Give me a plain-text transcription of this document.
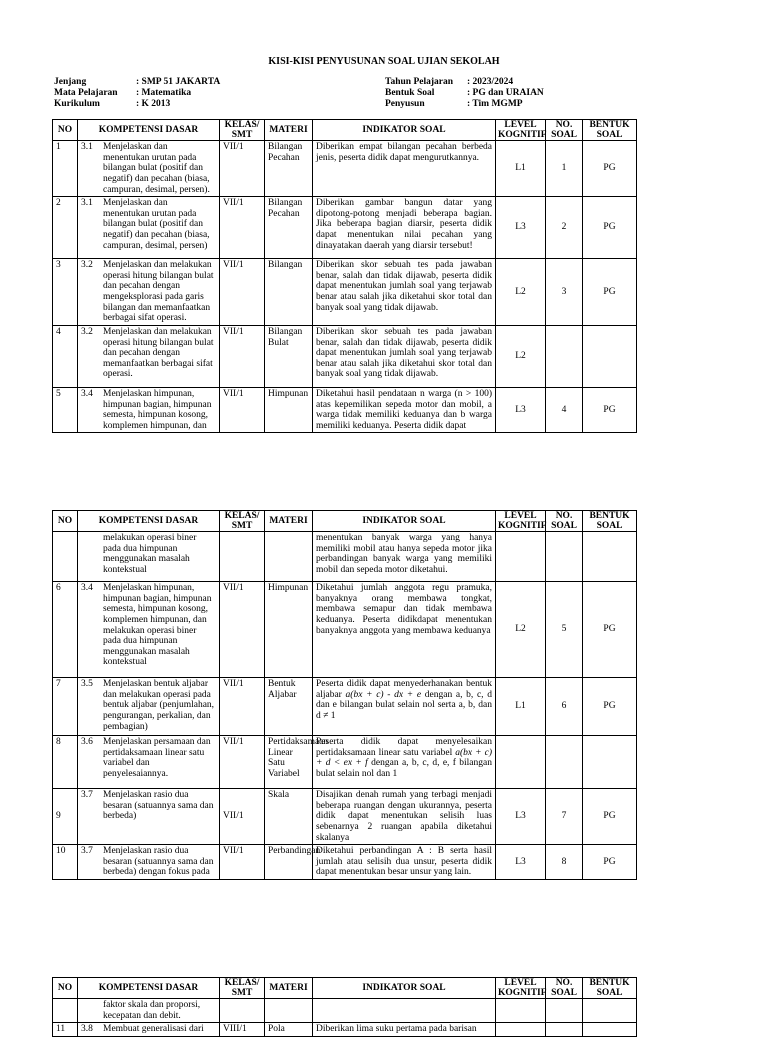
KISI-KISI PENYUSUNAN SOAL UJIAN SEKOLAH
Jenjang	: SMP 51 JAKARTA
Mata Pelajaran	: Matematika
Kurikulum	: K 2013
Tahun Pelajaran	: 2023/2024
Bentuk Soal	: PG dan URAIAN
Penyusun	: Tim MGMP
NO	KOMPETENSI DASAR	KELAS/ SMT	MATERI	INDIKATOR SOAL	LEVEL KOGNITIF	NO. SOAL	BENTUK SOAL
1	3.1 Menjelaskan dan menentukan urutan pada bilangan bulat (positif dan negatif) dan pecahan (biasa, campuran, desimal, persen).	VII/1	Bilangan Pecahan	Diberikan empat bilangan pecahan berbeda jenis, peserta didik dapat mengurutkannya.	L1	1	PG
2	3.1 Menjelaskan dan menentukan urutan pada bilangan bulat (positif dan negatif) dan pecahan (biasa, campuran, desimal, persen)	VII/1	Bilangan Pecahan	Diberikan gambar bangun datar yang dipotong-potong menjadi beberapa bagian. Jika beberapa bagian diarsir, peserta didik dapat menentukan nilai pecahan yang dinayatakan daerah yang diarsir tersebut!	L3	2	PG
3	3.2 Menjelaskan dan melakukan operasi hitung bilangan bulat dan pecahan dengan mengeksplorasi pada garis bilangan dan memanfaatkan berbagai sifat operasi.	VII/1	Bilangan	Diberikan skor sebuah tes pada jawaban benar, salah dan tidak dijawab, peserta didik dapat menentukan jumlah soal yang terjawab benar atau salah jika diketahui skor total dan banyak soal yang tidak dijawab.	L2	3	PG
4	3.2 Menjelaskan dan melakukan operasi hitung bilangan bulat dan pecahan dengan memanfaatkan berbagai sifat operasi.	VII/1	Bilangan Bulat	Diberikan skor sebuah tes pada jawaban benar, salah dan tidak dijawab, peserta didik dapat menentukan jumlah soal yang terjawab benar atau salah jika diketahui skor total dan banyak soal yang tidak dijawab.	L2		
5	3.4 Menjelaskan himpunan, himpunan bagian, himpunan semesta, himpunan kosong, komplemen himpunan, dan	VII/1	Himpunan	Diketahui hasil pendataan n warga (n > 100) atas kepemilikan sepeda motor dan mobil, a warga tidak memiliki keduanya dan b warga memiliki keduanya. Peserta didik dapat	L3	4	PG
NO	KOMPETENSI DASAR	KELAS/ SMT	MATERI	INDIKATOR SOAL	LEVEL KOGNITIF	NO. SOAL	BENTUK SOAL

	melakukan operasi biner pada dua himpunan menggunakan masalah kontekstual			menentukan banyak warga yang hanya memiliki mobil atau hanya sepeda motor jika perbandingan banyak warga yang memiliki mobil dan sepeda motor diketahui.			
6	3.4 Menjelaskan himpunan, himpunan bagian, himpunan semesta, himpunan kosong, komplemen himpunan, dan melakukan operasi biner pada dua himpunan menggunakan masalah kontekstual	VII/1	Himpunan	Diketahui jumlah anggota regu pramuka, banyaknya orang membawa tongkat, membawa semapur dan tidak membawa keduanya. Peserta didikdapat menentukan banyaknya anggota yang membawa keduanya	L2	5	PG
7	3.5 Menjelaskan bentuk aljabar dan melakukan operasi pada bentuk aljabar (penjumlahan, pengurangan, perkalian, dan pembagian)	VII/1	Bentuk Aljabar	Peserta didik dapat menyederhanakan bentuk aljabar a(bx + c) - dx + e dengan a, b, c, d dan e bilangan bulat selain nol serta a, b, dan d ≠ 1	L1	6	PG
8	3.6 Menjelaskan persamaan dan pertidaksamaan linear satu variabel dan penyelesaiannya.	VII/1	Pertidaksamaan Linear Satu Variabel	Peserta didik dapat menyelesaikan pertidaksamaan linear satu variabel a(bx + c) + d < ex + f dengan a, b, c, d, e, f bilangan bulat selain nol dan 1			
9	3.7 Menjelaskan rasio dua besaran (satuannya sama dan berbeda)	VII/1	Skala	Disajikan denah rumah yang terbagi menjadi beberapa ruangan dengan ukurannya, peserta didik dapat menentukan selisih luas sebenarnya 2 ruangan apabila diketahui skalanya	L3	7	PG
10	3.7 Menjelaskan rasio dua besaran (satuannya sama dan berbeda) dengan fokus pada	VII/1	Perbandingan	Diketahui perbandingan A : B serta hasil jumlah atau selisih dua unsur, peserta didik dapat menentukan besar unsur yang lain.	L3	8	PG
NO	KOMPETENSI DASAR	KELAS/ SMT	MATERI	INDIKATOR SOAL	LEVEL KOGNITIF	NO. SOAL	BENTUK SOAL

	faktor skala dan proporsi, kecepatan dan debit.						

11	3.8 Membuat generalisasi dari	VIII/1	Pola	Diberikan lima suku pertama pada barisan			
